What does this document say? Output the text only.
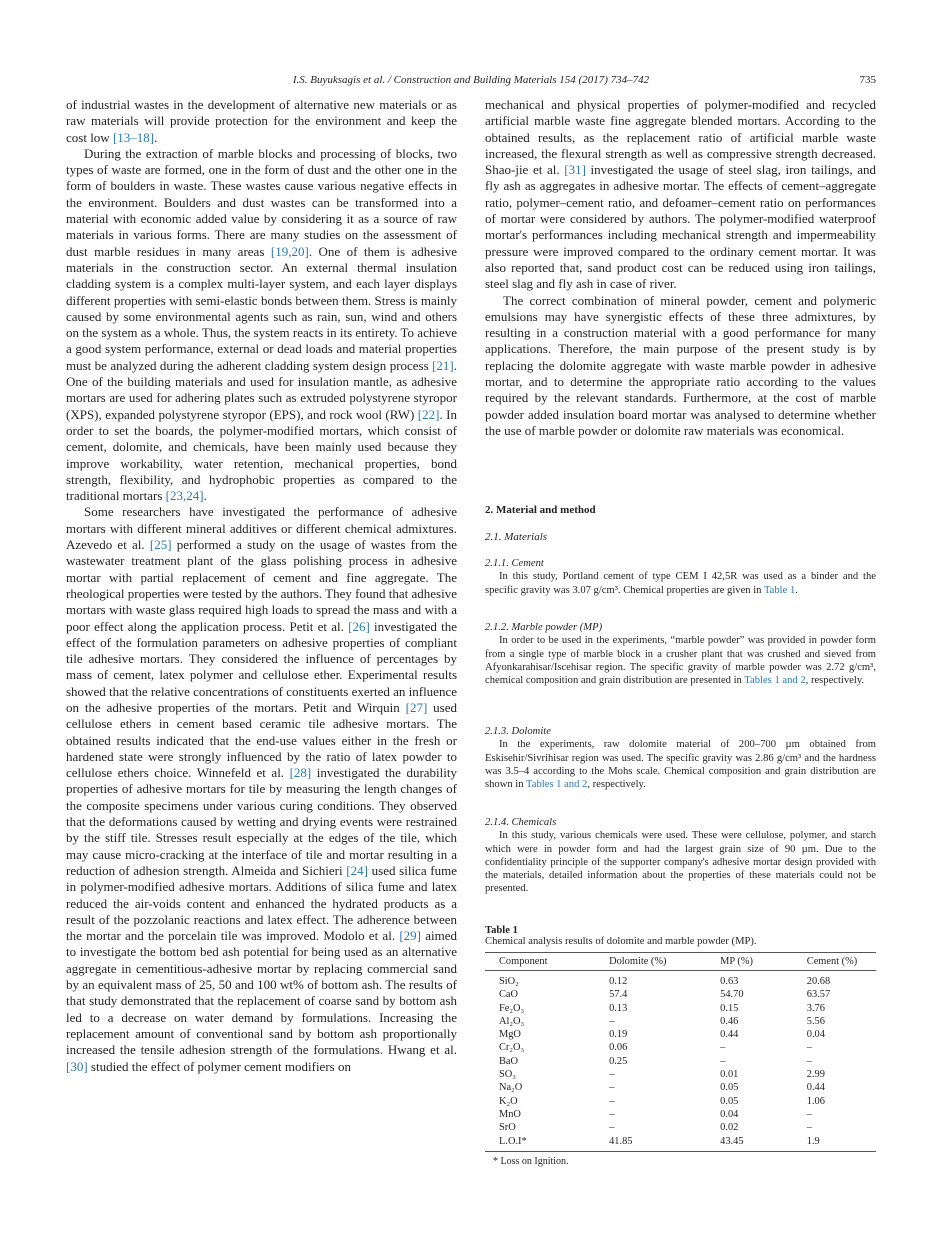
I.S. Buyuksagis et al. / Construction and Building Materials 154 (2017) 734–742	735

of industrial wastes in the development of alternative new materials or as raw materials will provide protection for the environment and keep the cost low [13–18].

During the extraction of marble blocks and processing of blocks, two types of waste are formed, one in the form of dust and the other one in the form of boulders in waste. These wastes cause various negative effects in the environment. Boulders and dust wastes can be transformed into a material with economic added value by considering it as a source of raw materials in various forms. There are many studies on the assessment of dust marble residues in many areas [19,20]. One of them is adhesive materials in the construction sector. An external thermal insulation cladding system is a complex multi-layer system, and each layer displays different properties with semi-elastic bonds between them. Stress is mainly caused by some environmental agents such as rain, sun, wind and others on the system as a whole. Thus, the system reacts in its entirety. To achieve a good system performance, external or dead loads and material properties must be analyzed during the adherent cladding system design process [21]. One of the building materials and used for insulation mantle, as adhesive mortars are used for adhering plates such as extruded polystyrene styropor (XPS), expanded polystyrene styropor (EPS), and rock wool (RW) [22]. In order to set the boards, the polymer-modified mortars, which consist of cement, dolomite, and chemicals, have been mainly used because they improve workability, water retention, mechanical properties, bond strength, flexibility, and hydrophobic properties as compared to the traditional mortars [23,24].

Some researchers have investigated the performance of adhesive mortars with different mineral additives or different chemical admixtures. Azevedo et al. [25] performed a study on the usage of wastes from the wastewater treatment plant of the glass polishing process in adhesive mortar with partial replacement of cement and fine aggregate. The rheological properties were tested by the authors. They found that adhesive mortars with waste glass required high loads to spread the mass and with a poor effect along the application process. Petit et al. [26] investigated the effect of the formulation parameters on adhesive properties of compliant tile adhesive mortars. They considered the influence of percentages by mass of cement, latex polymer and cellulose ether. Experimental results showed that the relative concentrations of constituents exerted an influence on the adhesive properties of the mortars. Petit and Wirquin [27] used cellulose ethers in cement based ceramic tile adhesive mortars. The obtained results indicated that the end-use values either in the fresh or hardened state were strongly influenced by the ratio of latex powder to cellulose ethers choice. Winnefeld et al. [28] investigated the durability properties of adhesive mortars for tile by measuring the length changes of the composite specimens under various curing conditions. They observed that the deformations caused by wetting and drying events were restrained by the stiff tile. Stresses result especially at the edges of the tile, which may cause micro-cracking at the interface of tile and mortar resulting in a reduction of adhesion strength. Almeida and Sichieri [24] used silica fume in polymer-modified adhesive mortars. Additions of silica fume and latex reduced the air-voids content and enhanced the hydrated products as a result of the pozzolanic reactions and latex effect. The adherence between the mortar and the porcelain tile was improved. Modolo et al. [29] aimed to investigate the bottom bed ash potential for being used as an alternative aggregate in cementitious-adhesive mortar by replacing commercial sand by an equivalent mass of 25, 50 and 100 wt% of bottom ash. The results of that study demonstrated that the replacement of coarse sand by bottom ash led to a decrease on water demand by formulations. Increasing the replacement amount of conventional sand by bottom ash proportionally increased the tensile adhesion strength of the formulations. Hwang et al. [30] studied the effect of polymer cement modifiers on

mechanical and physical properties of polymer-modified and recycled artificial marble waste fine aggregate blended mortars. According to the obtained results, as the replacement ratio of artificial marble waste increased, the flexural strength as well as compressive strength decreased. Shao-jie et al. [31] investigated the usage of steel slag, iron tailings, and fly ash as aggregates in adhesive mortar. The effects of cement–aggregate ratio, polymer–cement ratio, and defoamer–cement ratio on performances of mortar were considered by authors. The polymer-modified waterproof mortar's performances including mechanical strength and impermeability pressure were improved compared to the ordinary cement mortar. It was also reported that, sand product cost can be reduced using iron tailings, steel slag and fly ash in case of river.

The correct combination of mineral powder, cement and polymeric emulsions may have synergistic effects of these three admixtures, by resulting in a construction material with a good performance for many applications. Therefore, the main purpose of the present study is by replacing the dolomite aggregate with waste marble powder in adhesive mortar, and to determine the appropriate ratio according to the values required by the relevant standards. Furthermore, at the cost of marble powder added insulation board mortar was analysed to determine whether the use of marble powder or dolomite raw materials was economical.

2. Material and method
2.1. Materials
2.1.1. Cement

In this study, Portland cement of type CEM I 42,5R was used as a binder and the specific gravity was 3.07 g/cm³. Chemical properties are given in Table 1.

2.1.2. Marble powder (MP)

In order to be used in the experiments, “marble powder” was provided in powder form from a single type of marble block in a crusher plant that was crushed and sieved from Afyonkarahisar/Iscehisar region. The specific gravity of marble powder was 2.72 g/cm³, chemical composition and grain distribution are presented in Tables 1 and 2, respectively.

2.1.3. Dolomite

In the experiments, raw dolomite material of 200–700 µm obtained from Eskisehir/Sivrihisar region was used. The specific gravity was 2.86 g/cm³ and the hardness was 3.5–4 according to the Mohs scale. Chemical composition and grain distribution are shown in Tables 1 and 2, respectively.

2.1.4. Chemicals

In this study, various chemicals were used. These were cellulose, polymer, and starch which were in powder form and had the largest grain size of 90 µm. Due to the confidentiality principle of the supporter company's adhesive mortar design provided with the materials, detailed information about the properties of these materials could not be presented.

Table 1
Chemical analysis results of dolomite and marble powder (MP).
Component	Dolomite (%)	MP (%)	Cement (%)
SiO₂	0.12	0.63	20.68
CaO	57.4	54.70	63.57
Fe₂O₃	0.13	0.15	3.76
Al₂O₃	–	0.46	5.56
MgO	0.19	0.44	0.04
Cr₂O₃	0.06	–	–
BaO	0.25	–	–
SO₃	–	0.01	2.99
Na₂O	–	0.05	0.44
K₂O	–	0.05	1.06
MnO	–	0.04	–
SrO	–	0.02	–
L.O.I*	41.85	43.45	1.9
* Loss on Ignition.
